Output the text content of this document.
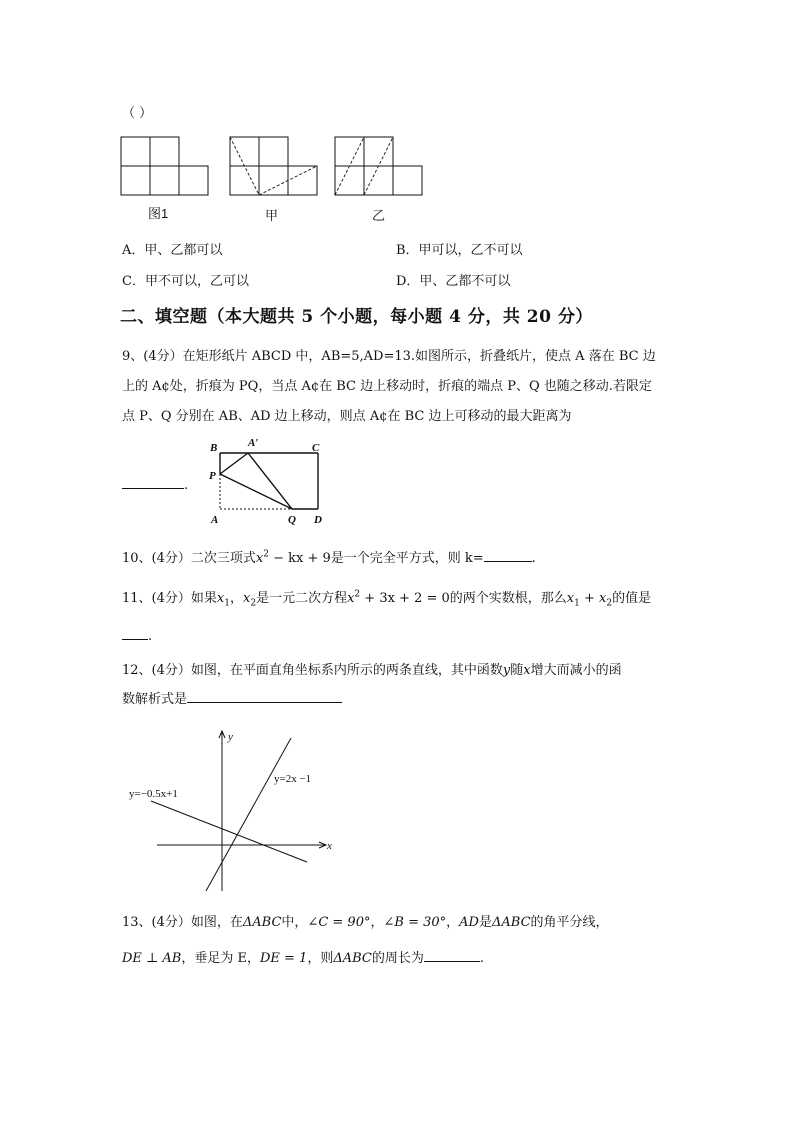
（ ）
图1	甲	乙
A．甲、乙都可以	B．甲可以，乙不可以
C．甲不可以，乙可以	D．甲、乙都不可以
二、填空题（本大题共 5 个小题，每小题 4 分，共 20 分）
9、(4分）在矩形纸片 ABCD 中，AB=5,AD=13.如图所示，折叠纸片，使点 A 落在 BC 边
上的 A¢处，折痕为 PQ，当点 A¢在 BC 边上移动时，折痕的端点 P、Q 也随之移动.若限定
点 P、Q 分别在 AB、AD 边上移动，则点 A¢在 BC 边上可移动的最大距离为
.
B	A′	C
P
A	Q D
10、(4分）二次三项式$x^2$ − kx + 9是一个完全平方式，则 k=	.
11、(4分）如果$x_1$，$x_2$是一元二次方程$x^2 + 3x + 2 = 0$的两个实数根，那么$x_1 + x_2$的值是
.
12、(4分）如图，在平面直角坐标系内所示的两条直线，其中函数y随x增大而减小的函
数解析式是
y=−0.5x+1
y=2x −1
x
y
13、(4分）如图，在ΔABC中，∠C = 90°，∠B = 30°，AD是ΔABC的角平分线，
DE ⊥ AB，垂足为 E，DE = 1，则ΔABC的周长为	.
